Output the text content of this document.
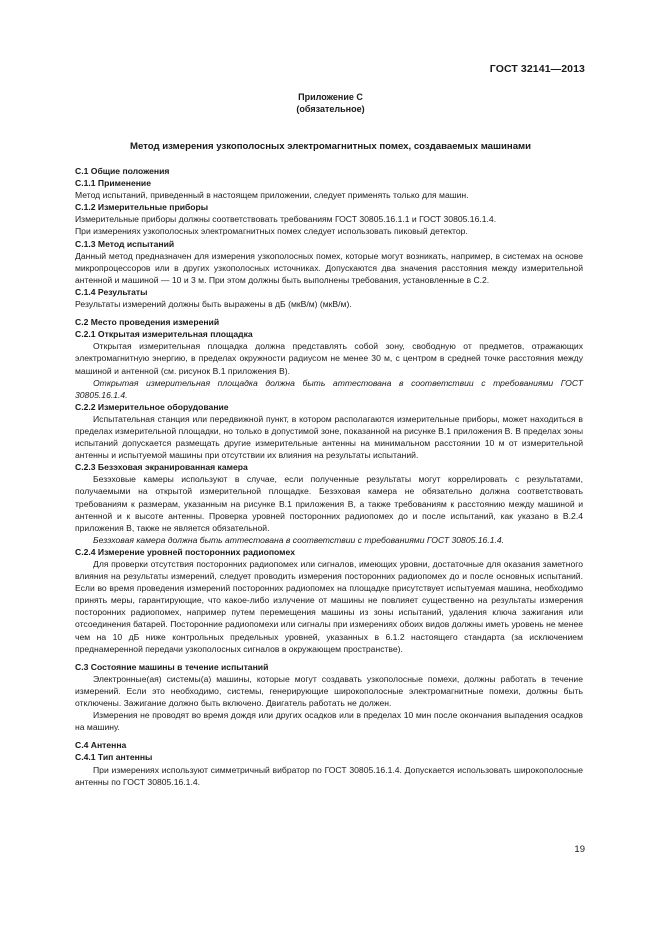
ГОСТ 32141—2013
Приложение С
(обязательное)
Метод измерения узкополосных электромагнитных помех, создаваемых машинами

С.1 Общие положения

С.1.1 Применение

Метод испытаний, приведенный в настоящем приложении, следует применять только для машин.

С.1.2 Измерительные приборы

Измерительные приборы должны соответствовать требованиям ГОСТ 30805.16.1.1 и ГОСТ 30805.16.1.4.

При измерениях узкополосных электромагнитных помех следует использовать пиковый детектор.

С.1.3 Метод испытаний

Данный метод предназначен для измерения узкополосных помех, которые могут возникать, например, в системах на основе микропроцессоров или в других узкополосных источниках. Допускаются два значения расстояния между измерительной антенной и машиной — 10 и 3 м. При этом должны быть выполнены требования, установленные в С.2.

С.1.4 Результаты

Результаты измерений должны быть выражены в дБ (мкВ/м) (мкВ/м).

С.2 Место проведения измерений

С.2.1 Открытая измерительная площадка

Открытая измерительная площадка должна представлять собой зону, свободную от предметов, отражающих электромагнитную энергию, в пределах окружности радиусом не менее 30 м, с центром в средней точке расстояния между машиной и антенной (см. рисунок В.1 приложения В).

Открытая измерительная площадка должна быть аттестована в соответствии с требованиями ГОСТ 30805.16.1.4.

С.2.2 Измерительное оборудование

Испытательная станция или передвижной пункт, в котором располагаются измерительные приборы, может находиться в пределах измерительной площадки, но только в допустимой зоне, показанной на рисунке В.1 приложения В. В пределах зоны испытаний допускается размещать другие измерительные антенны на минимальном расстоянии 10 м от измерительной антенны и испытуемой машины при отсутствии их влияния на результаты испытаний.

С.2.3 Безэховая экранированная камера

Безэховые камеры используют в случае, если полученные результаты могут коррелировать с результатами, получаемыми на открытой измерительной площадке. Безэховая камера не обязательно должна соответствовать требованиям к размерам, указанным на рисунке В.1 приложения В, а также требованиям к расстоянию между машиной и антенной и к высоте антенны. Проверка уровней посторонних радиопомех до и после испытаний, как указано в В.2.4 приложения В, также не является обязательной.

Безэховая камера должна быть аттестована в соответствии с требованиями ГОСТ 30805.16.1.4.

С.2.4 Измерение уровней посторонних радиопомех

Для проверки отсутствия посторонних радиопомех или сигналов, имеющих уровни, достаточные для оказания заметного влияния на результаты измерений, следует проводить измерения посторонних радиопомех до и после основных испытаний. Если во время проведения измерений посторонних радиопомех на площадке присутствует испытуемая машина, необходимо принять меры, гарантирующие, что какое-либо излучение от машины не повлияет существенно на результаты измерения посторонних радиопомех, например путем перемещения машины из зоны испытаний, удаления ключа зажигания или отсоединения батарей. Посторонние радиопомехи или сигналы при измерениях обоих видов должны иметь уровень не менее чем на 10 дБ ниже контрольных предельных уровней, указанных в 6.1.2 настоящего стандарта (за исключением преднамеренной передачи узкополосных сигналов в окружающем пространстве).

С.3 Состояние машины в течение испытаний

Электронные(ая) системы(а) машины, которые могут создавать узкополосные помехи, должны работать в течение измерений. Если это необходимо, системы, генерирующие широкополосные электромагнитные помехи, должны быть отключены. Зажигание должно быть включено. Двигатель работать не должен.

Измерения не проводят во время дождя или других осадков или в пределах 10 мин после окончания выпадения осадков на машину.

С.4 Антенна

С.4.1 Тип антенны

При измерениях используют симметричный вибратор по ГОСТ 30805.16.1.4. Допускается использовать широкополосные антенны по ГОСТ 30805.16.1.4.

19
